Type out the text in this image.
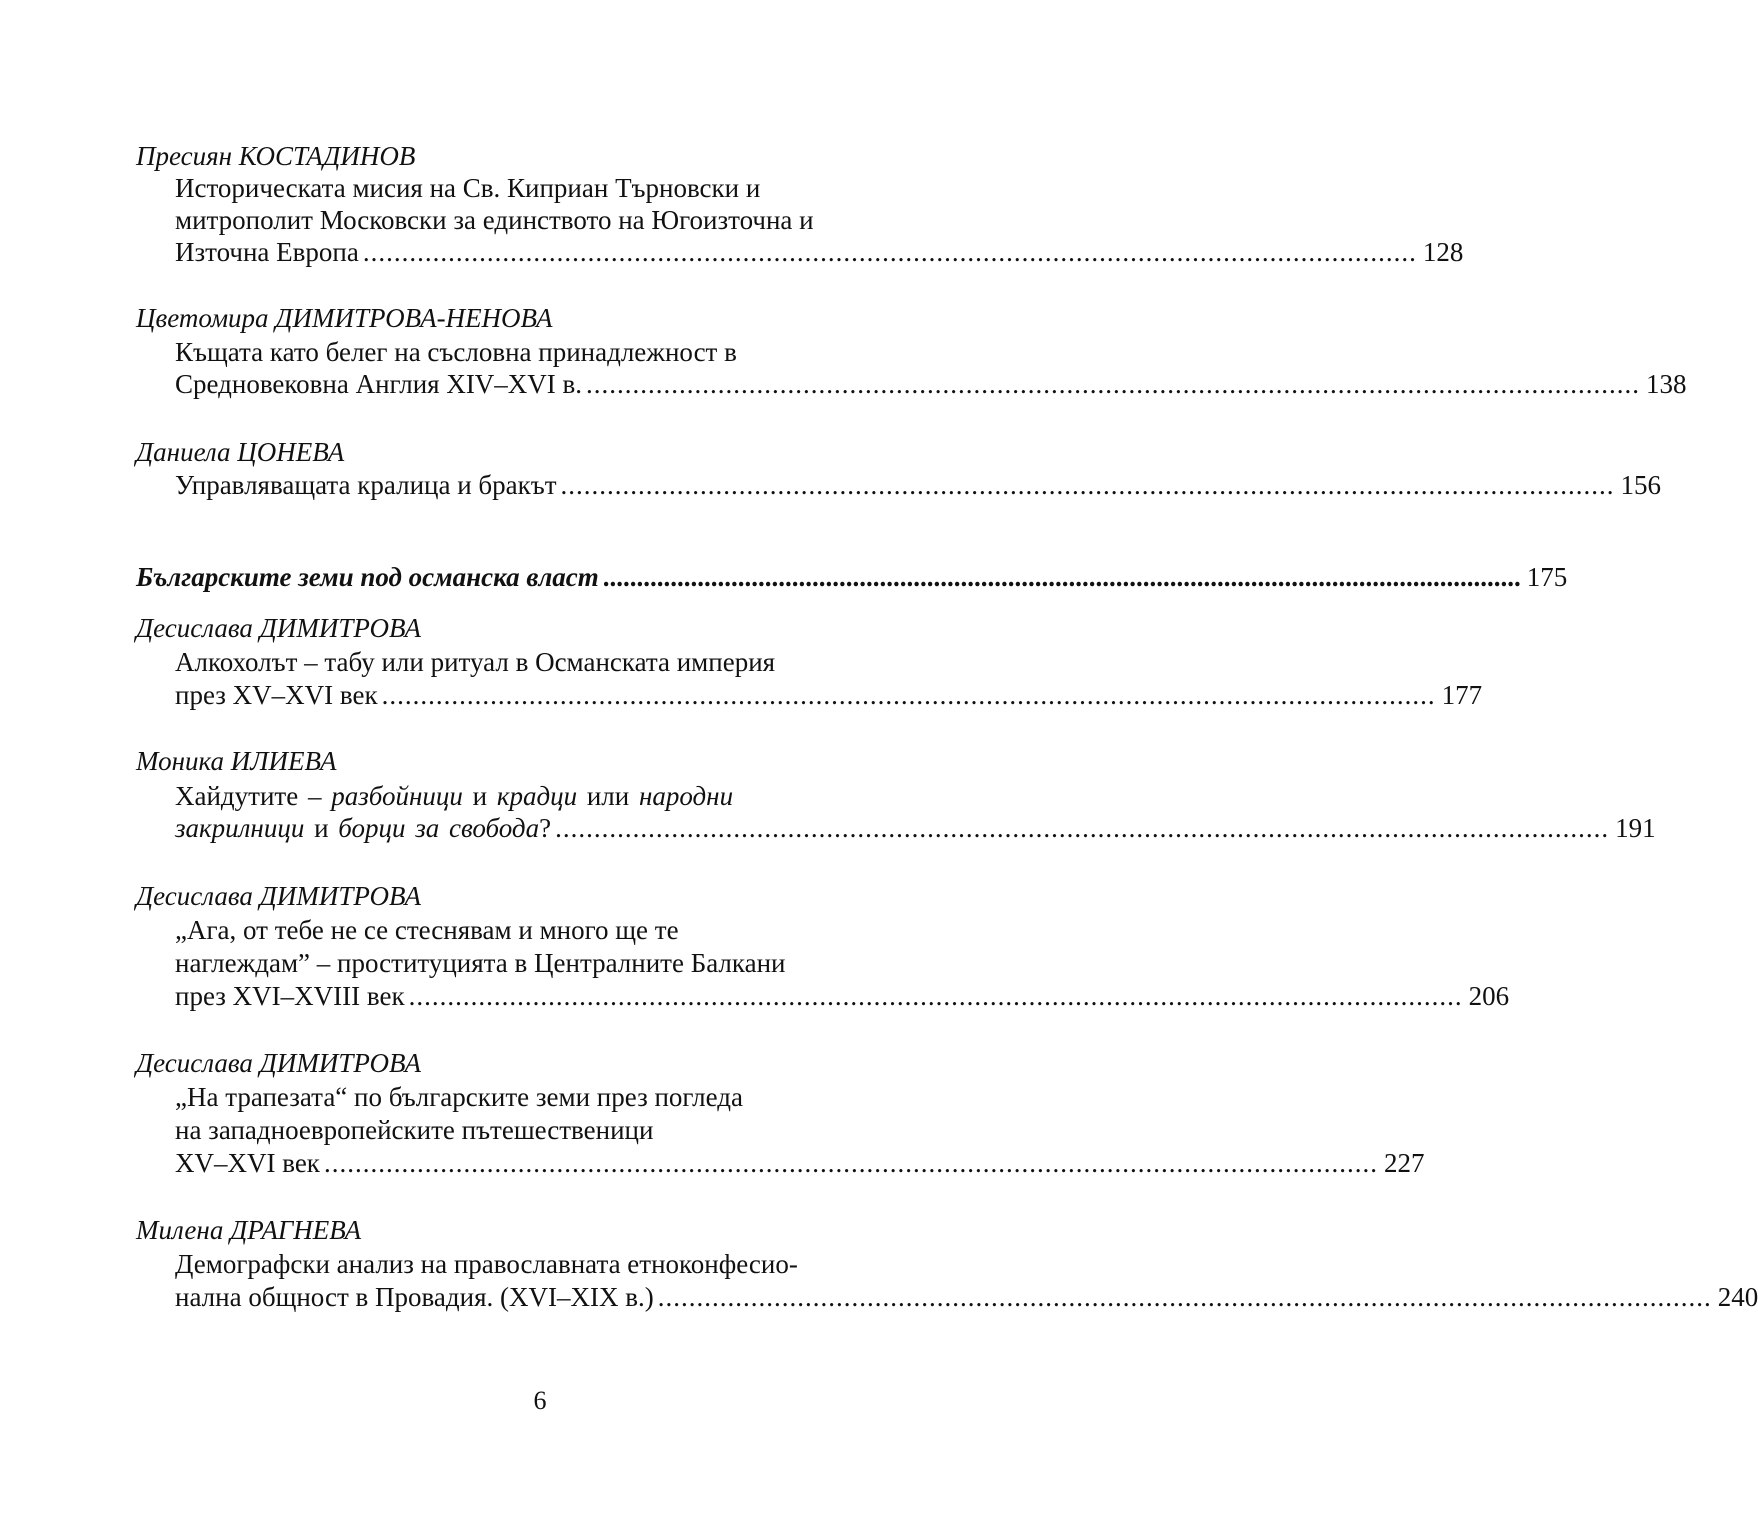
Пресиян КОСТАДИНОВ
Историческата мисия на Св. Киприан Търновски и
митрополит Московски за единството на Югоизточна и
Източна Европа ........................................................................................................................................ 128
Цветомира ДИМИТРОВА-НЕНОВА
Къщата като белег на съсловна принадлежност в
Средновековна Англия XIV–XVI в. ........................................................................................................................................ 138
Даниела ЦОНЕВА
Управляващата кралица и бракът ........................................................................................................................................ 156
Българските земи под османска власт ........................................................................................................................................ 175
Десислава ДИМИТРОВА
Алкохолът – табу или ритуал в Османската империя
през XV–XVI век ........................................................................................................................................ 177
Моника ИЛИЕВА
Хайдутите – разбойници и крадци или народни
закрилници и борци за свобода? ........................................................................................................................................ 191
Десислава ДИМИТРОВА
„Ага, от тебе не се стеснявам и много ще те
наглеждам” – проституцията в Централните Балкани
през XVI–XVIII век ........................................................................................................................................ 206
Десислава ДИМИТРОВА
„На трапезата“ по българските земи през погледа
на западноевропейските пътешественици
XV–XVI век ........................................................................................................................................ 227
Милена ДРАГНЕВА
Демографски анализ на православната етноконфесио-
нална общност в Провадия. (XVI–XIX в.) ........................................................................................................................................ 240
6
